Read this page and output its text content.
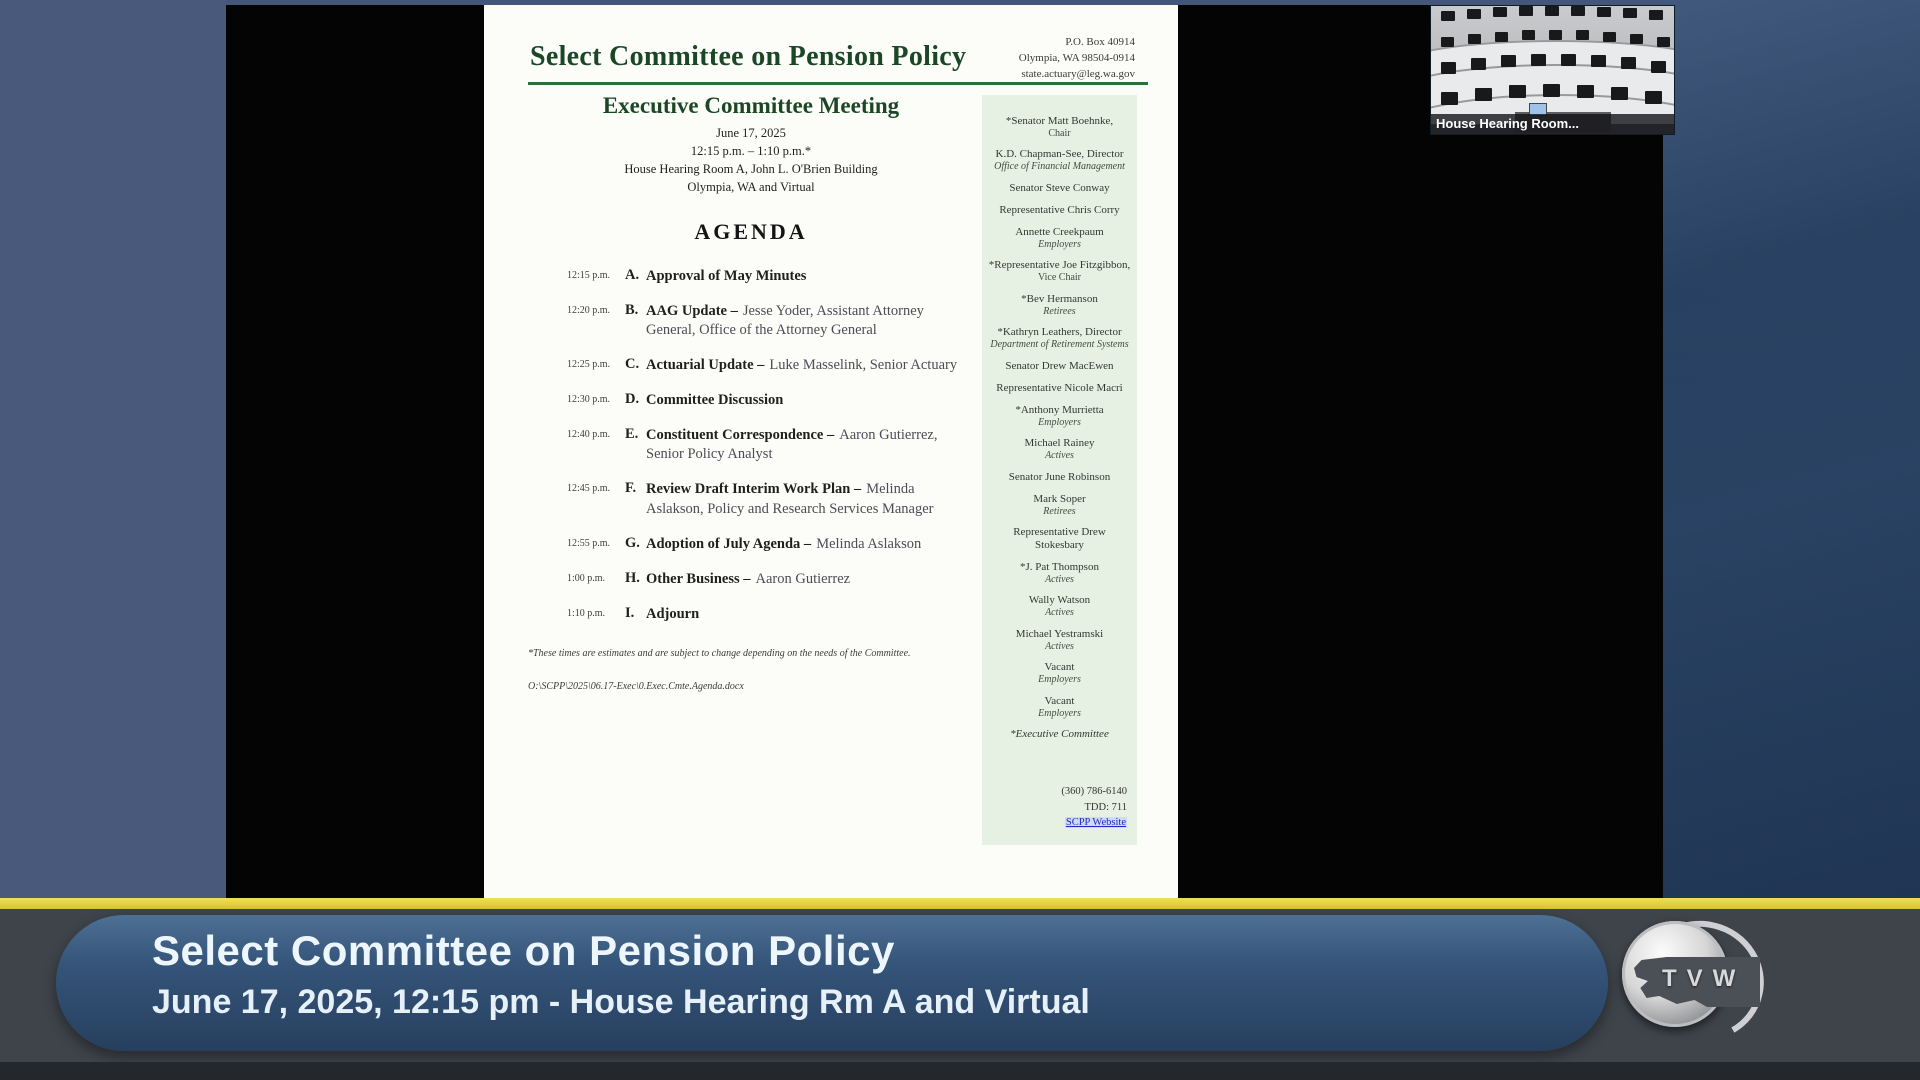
P.O. Box 40914
Olympia, WA 98504-0914
state.actuary@leg.wa.gov
Select Committee on Pension Policy
Executive Committee Meeting
June 17, 2025
12:15 p.m. – 1:10 p.m.*
House Hearing Room A, John L. O'Brien Building
Olympia, WA and Virtual
AGENDA
12:15 p.m.	A. Approval of May Minutes
12:20 p.m.	B. AAG Update – Jesse Yoder, Assistant Attorney General, Office of the Attorney General
12:25 p.m.	C. Actuarial Update – Luke Masselink, Senior Actuary
12:30 p.m.	D. Committee Discussion
12:40 p.m.	E. Constituent Correspondence – Aaron Gutierrez, Senior Policy Analyst
12:45 p.m.	F. Review Draft Interim Work Plan – Melinda Aslakson, Policy and Research Services Manager
12:55 p.m.	G. Adoption of July Agenda – Melinda Aslakson
1:00 p.m.	H. Other Business – Aaron Gutierrez
1:10 p.m.	I. Adjourn
*These times are estimates and are subject to change depending on the needs of the Committee.
O:\SCPP\2025\06.17-Exec\0.Exec.Cmte.Agenda.docx
*Senator Matt Boehnke,
Chair
K.D. Chapman-See, Director
Office of Financial Management
Senator Steve Conway
Representative Chris Corry
Annette Creekpaum
Employers
*Representative Joe Fitzgibbon,
Vice Chair
*Bev Hermanson
Retirees
*Kathryn Leathers, Director
Department of Retirement Systems
Senator Drew MacEwen
Representative Nicole Macri
*Anthony Murrietta
Employers
Michael Rainey
Actives
Senator June Robinson
Mark Soper
Retirees
Representative Drew Stokesbary
*J. Pat Thompson
Actives
Wally Watson
Actives
Michael Yestramski
Actives
Vacant
Employers
Vacant
Employers
*Executive Committee
(360) 786-6140
TDD: 711
SCPP Website
House Hearing Room...
Select Committee on Pension Policy
June 17, 2025, 12:15 pm - House Hearing Rm A and Virtual
TVW
